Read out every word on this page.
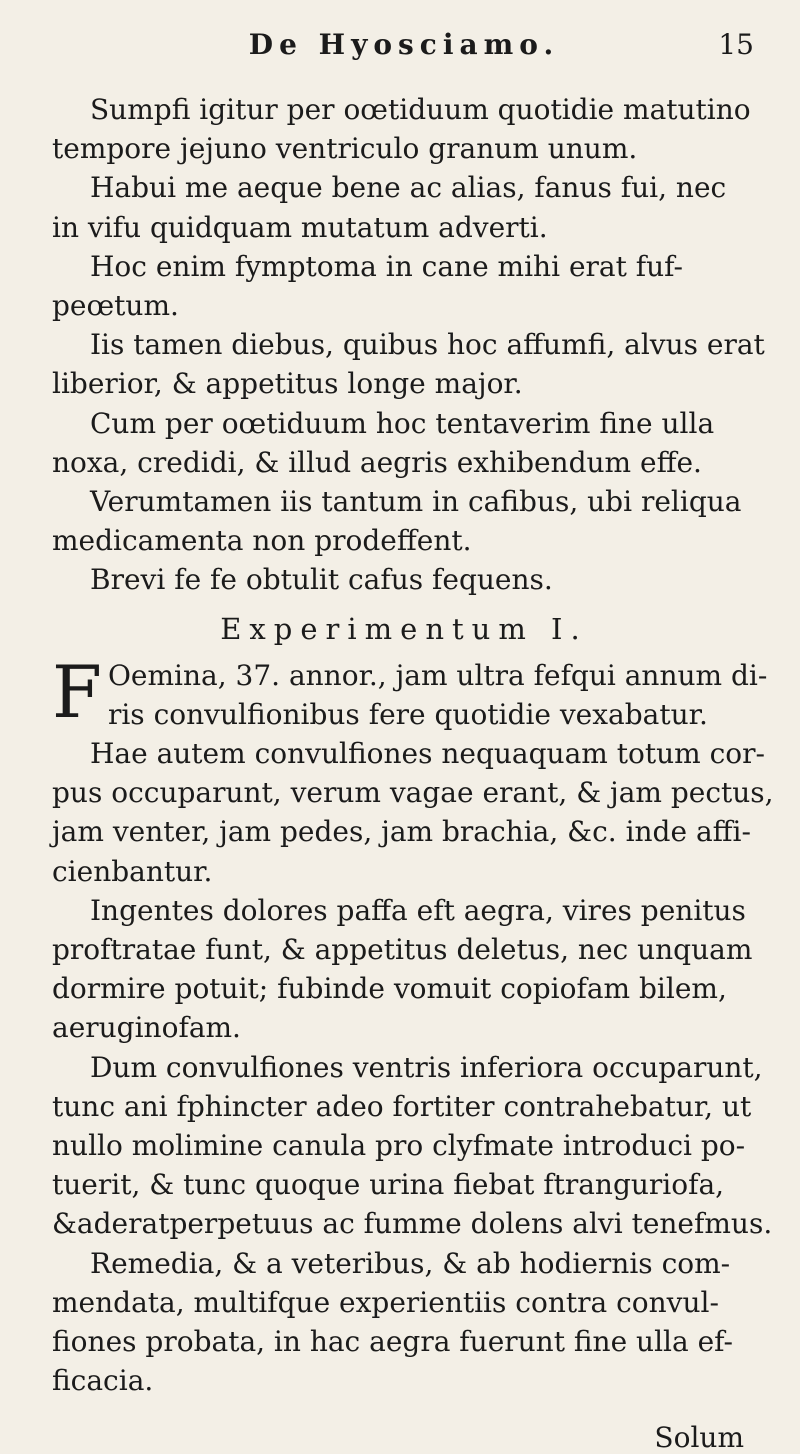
De Hyosciamo.	15
Sumpfi igitur per oœtiduum quotidie matutino
tempore jejuno ventriculo granum unum.
Habui me aeque bene ac alias, fanus fui, nec
in vifu quidquam mutatum adverti.
Hoc enim fymptoma in cane mihi erat fuf-
peœtum.
Iis tamen diebus, quibus hoc affumfi, alvus erat
liberior, & appetitus longe major.
Cum per oœtiduum hoc tentaverim fine ulla
noxa, credidi, & illud aegris exhibendum effe.
Verumtamen iis tantum in cafibus, ubi reliqua
medicamenta non prodeffent.
Brevi fe fe obtulit cafus fequens.
Experimentum I.
F Oemina, 37. annor., jam ultra fefqui annum di-
ris convulfionibus fere quotidie vexabatur.
Hae autem convulfiones nequaquam totum cor-
pus occuparunt, verum vagae erant, & jam pectus,
jam venter, jam pedes, jam brachia, &c. inde affi-
cienbantur.
Ingentes dolores paffa eft aegra, vires penitus
proftratae funt, & appetitus deletus, nec unquam
dormire potuit; fubinde vomuit copiofam bilem,
aeruginofam.
Dum convulfiones ventris inferiora occuparunt,
tunc ani fphincter adeo fortiter contrahebatur, ut
nullo molimine canula pro clyfmate introduci po-
tuerit, & tunc quoque urina fiebat ftranguriofa,
&aderatperpetuus ac fumme dolens alvi tenefmus.
Remedia, & a veteribus, & ab hodiernis com-
mendata, multifque experientiis contra convul-
fiones probata, in hac aegra fuerunt fine ulla ef-
ficacia.
Solum
